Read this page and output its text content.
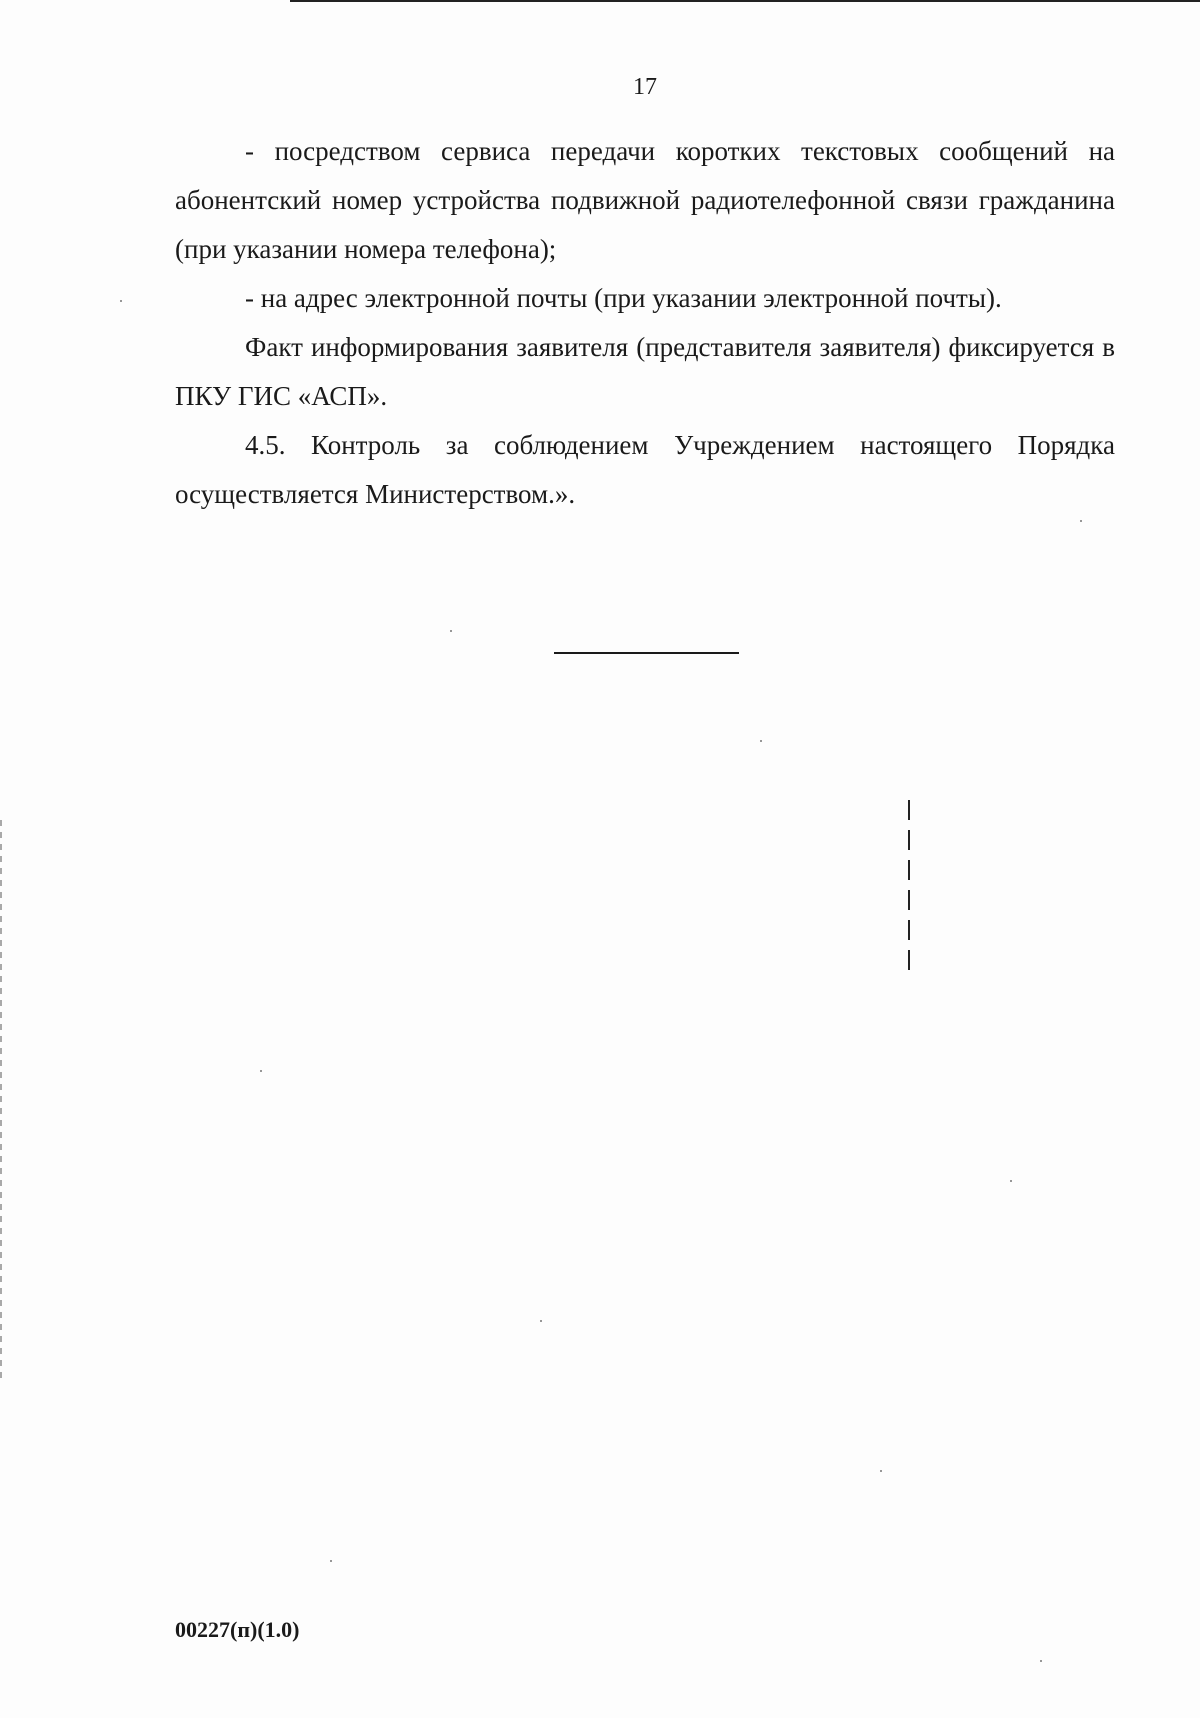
17

- посредством сервиса передачи коротких текстовых сообщений на абонентский номер устройства подвижной радиотелефонной связи гражданина (при указании номера телефона);

- на адрес электронной почты (при указании электронной почты).

Факт информирования заявителя (представителя заявителя) фиксируется в ПКУ ГИС «АСП».

4.5. Контроль за соблюдением Учреждением настоящего Порядка осуществляется Министерством.».

00227(п)(1.0)
